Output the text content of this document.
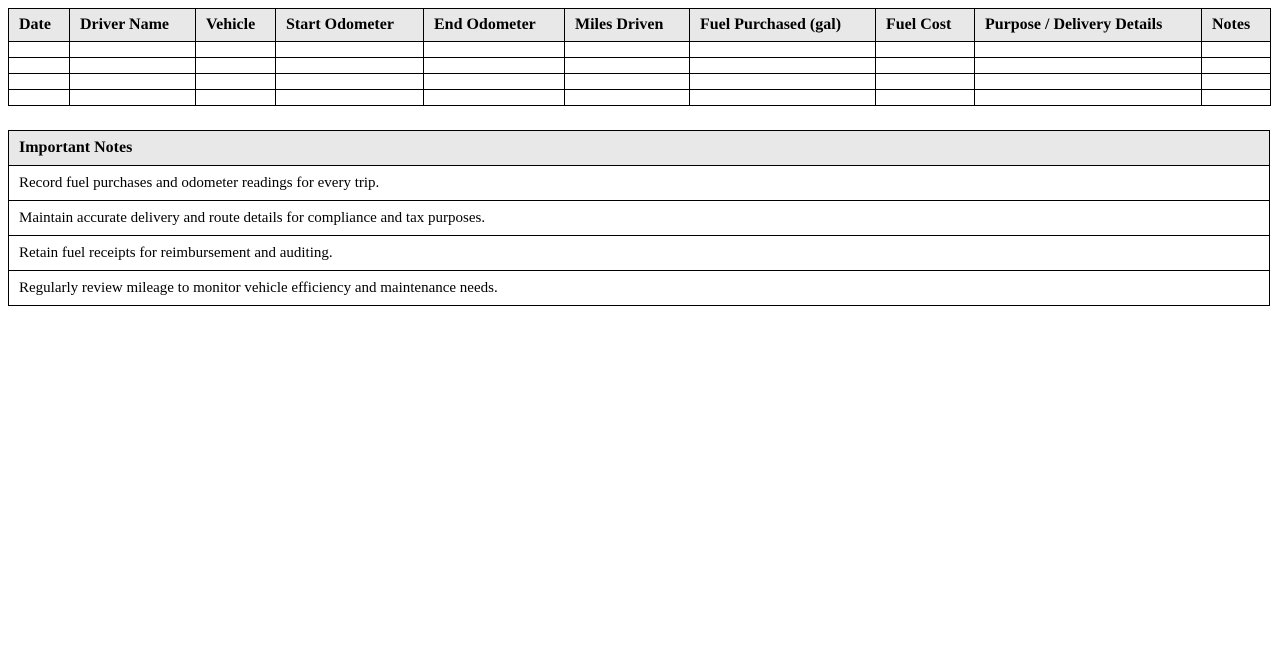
Date	Driver Name	Vehicle	Start Odometer	End Odometer	Miles Driven	Fuel Purchased (gal)	Fuel Cost	Purpose / Delivery Details	Notes

Important Notes
Record fuel purchases and odometer readings for every trip.
Maintain accurate delivery and route details for compliance and tax purposes.
Retain fuel receipts for reimbursement and auditing.
Regularly review mileage to monitor vehicle efficiency and maintenance needs.
